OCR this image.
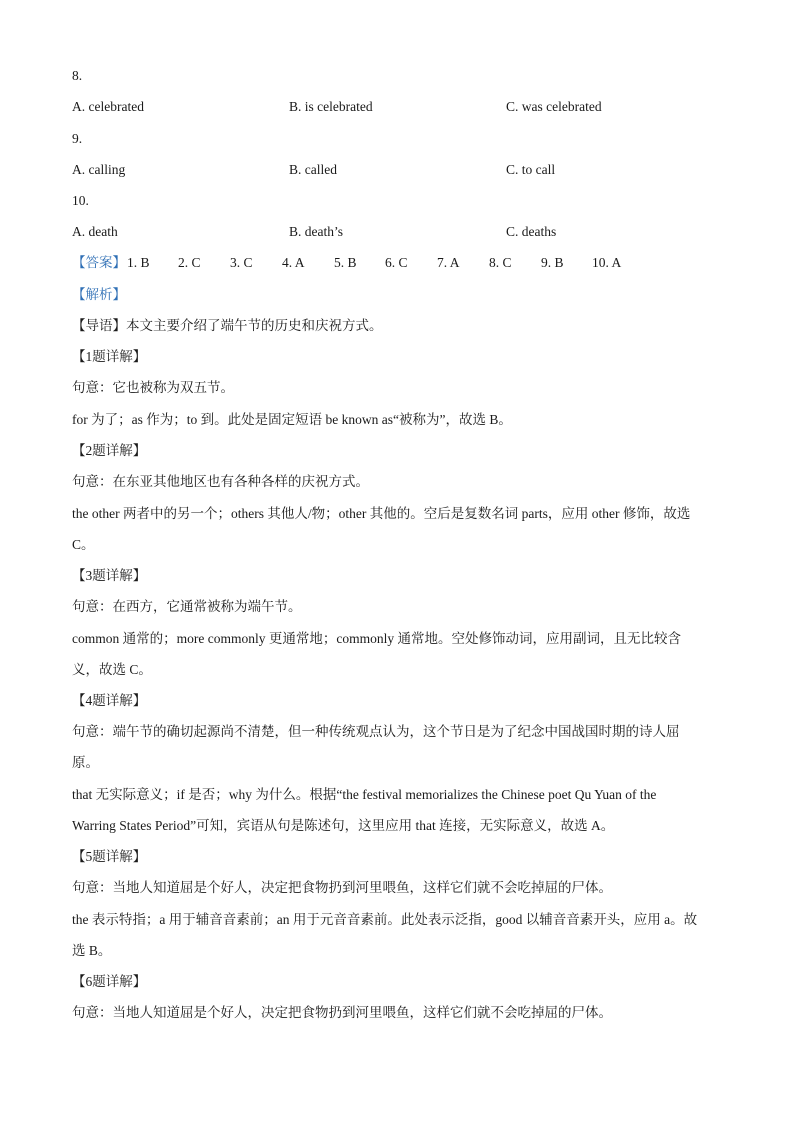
8.
A. celebrated	B. is celebrated	C. was celebrated
9.
A. calling	B. called	C. to call
10.
A. death	B. death’s	C. deaths
【答案】 1. B 2. C 3. C 4. A 5. B 6. C 7. A 8. C 9. B 10. A
【解析】
【导语】本文主要介绍了端午节的历史和庆祝方式。
【1题详解】
句意：它也被称为双五节。
for 为了；as 作为；to 到。此处是固定短语 be known as“被称为”，故选 B。
【2题详解】
句意：在东亚其他地区也有各种各样的庆祝方式。
the other 两者中的另一个；others 其他人/物；other 其他的。空后是复数名词 parts，应用 other 修饰，故选
C。
【3题详解】
句意：在西方，它通常被称为端午节。
common 通常的；more commonly 更通常地；commonly 通常地。空处修饰动词，应用副词，且无比较含
义，故选 C。
【4题详解】
句意：端午节的确切起源尚不清楚，但一种传统观点认为，这个节日是为了纪念中国战国时期的诗人屈
原。
that 无实际意义；if 是否；why 为什么。根据“the festival memorializes the Chinese poet Qu Yuan of the
Warring States Period”可知，宾语从句是陈述句，这里应用 that 连接，无实际意义，故选 A。
【5题详解】
句意：当地人知道屈是个好人，决定把食物扔到河里喂鱼，这样它们就不会吃掉屈的尸体。
the 表示特指；a 用于辅音音素前；an 用于元音音素前。此处表示泛指，good 以辅音音素开头，应用 a。故
选 B。
【6题详解】
句意：当地人知道屈是个好人，决定把食物扔到河里喂鱼，这样它们就不会吃掉屈的尸体。
